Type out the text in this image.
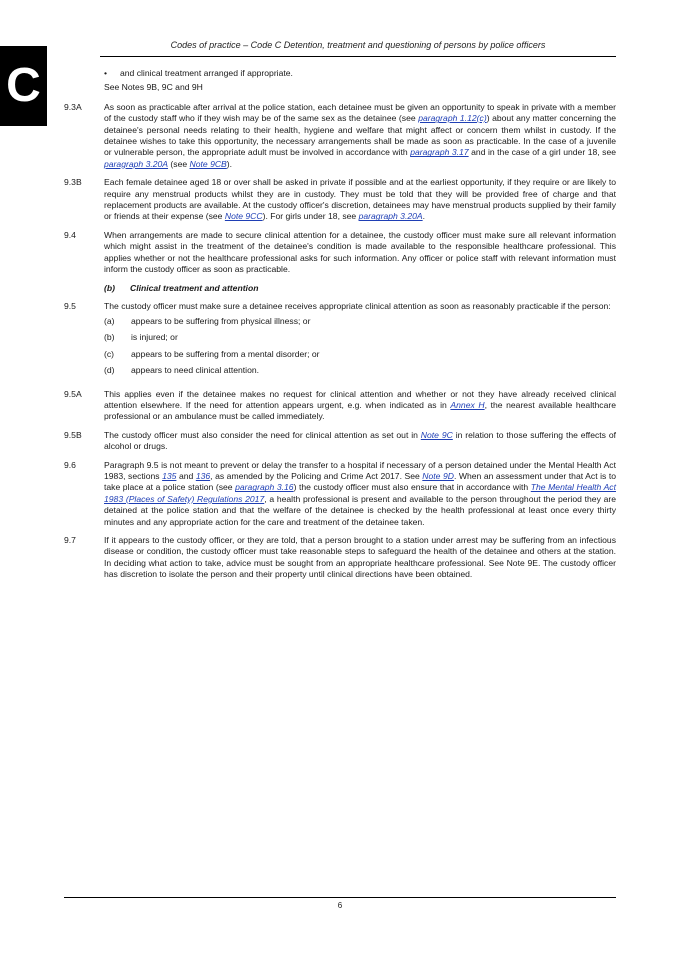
C
Codes of practice – Code C Detention, treatment and questioning of persons by police officers
•	and clinical treatment arranged if appropriate.
See Notes 9B, 9C and 9H
9.3A	As soon as practicable after arrival at the police station, each detainee must be given an opportunity to speak in private with a member of the custody staff who if they wish may be of the same sex as the detainee (see paragraph 1.12(c)) about any matter concerning the detainee's personal needs relating to their health, hygiene and welfare that might affect or concern them whilst in custody. If the detainee wishes to take this opportunity, the necessary arrangements shall be made as soon as practicable. In the case of a juvenile or vulnerable person, the appropriate adult must be involved in accordance with paragraph 3.17 and in the case of a girl under 18, see paragraph 3.20A (see Note 9CB).
9.3B	Each female detainee aged 18 or over shall be asked in private if possible and at the earliest opportunity, if they require or are likely to require any menstrual products whilst they are in custody. They must be told that they will be provided free of charge and that replacement products are available. At the custody officer's discretion, detainees may have menstrual products supplied by their family or friends at their expense (see Note 9CC). For girls under 18, see paragraph 3.20A.
9.4	When arrangements are made to secure clinical attention for a detainee, the custody officer must make sure all relevant information which might assist in the treatment of the detainee's condition is made available to the responsible healthcare professional. This applies whether or not the healthcare professional asks for such information. Any officer or police staff with relevant information must inform the custody officer as soon as practicable.
(b) Clinical treatment and attention
9.5	The custody officer must make sure a detainee receives appropriate clinical attention as soon as reasonably practicable if the person:
(a)	appears to be suffering from physical illness; or
(b)	is injured; or
(c)	appears to be suffering from a mental disorder; or
(d)	appears to need clinical attention.
9.5A	This applies even if the detainee makes no request for clinical attention and whether or not they have already received clinical attention elsewhere. If the need for attention appears urgent, e.g. when indicated as in Annex H, the nearest available healthcare professional or an ambulance must be called immediately.
9.5B	The custody officer must also consider the need for clinical attention as set out in Note 9C in relation to those suffering the effects of alcohol or drugs.
9.6	Paragraph 9.5 is not meant to prevent or delay the transfer to a hospital if necessary of a person detained under the Mental Health Act 1983, sections 135 and 136, as amended by the Policing and Crime Act 2017. See Note 9D. When an assessment under that Act is to take place at a police station (see paragraph 3.16) the custody officer must also ensure that in accordance with The Mental Health Act 1983 (Places of Safety) Regulations 2017, a health professional is present and available to the person throughout the period they are detained at the police station and that the welfare of the detainee is checked by the health professional at least once every thirty minutes and any appropriate action for the care and treatment of the detainee taken.
9.7	If it appears to the custody officer, or they are told, that a person brought to a station under arrest may be suffering from an infectious disease or condition, the custody officer must take reasonable steps to safeguard the health of the detainee and others at the station. In deciding what action to take, advice must be sought from an appropriate healthcare professional. See Note 9E. The custody officer has discretion to isolate the person and their property until clinical directions have been obtained.
6
